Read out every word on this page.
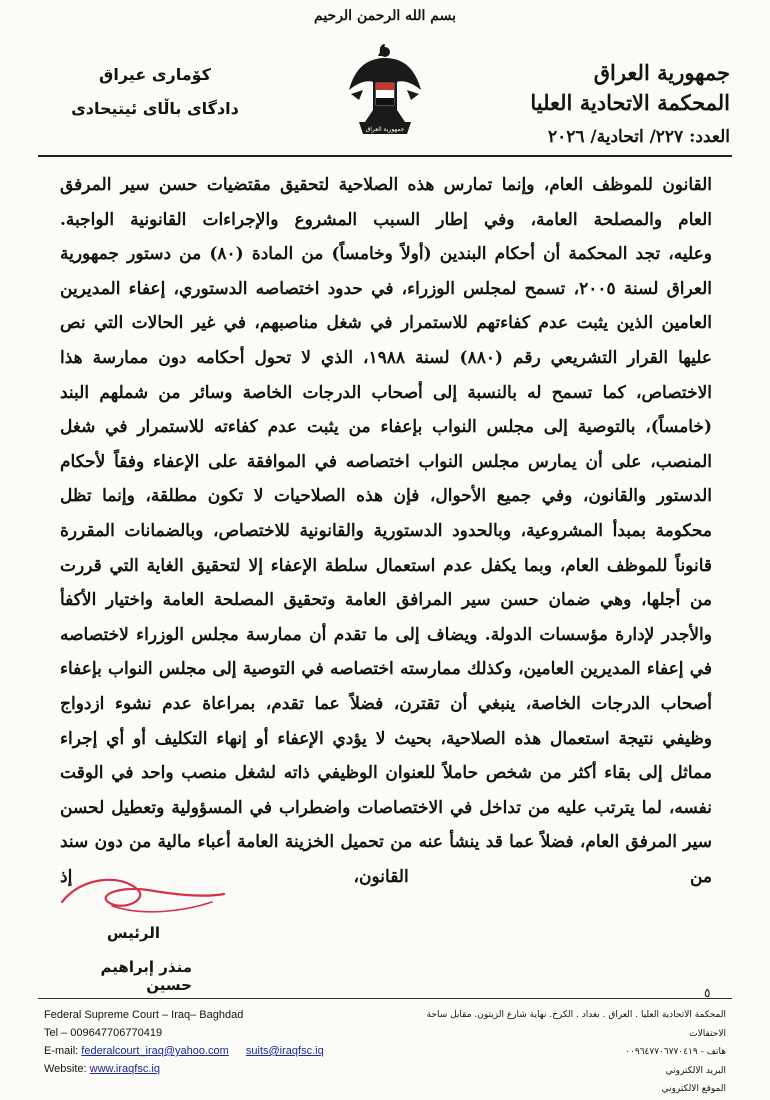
بسم الله الرحمن الرحيم
جمهورية العراق
المحكمة الاتحادية العليا
العدد: ٢٢٧/ اتحادية/ ٢٠٢٦
كۆماری عیراق
دادگای باڵای ئیتیحادی
جمهورية العراق

القانون للموظف العام، وإنما تمارس هذه الصلاحية لتحقيق مقتضيات حسن سير المرفق العام والمصلحة العامة، وفي إطار السبب المشروع والإجراءات القانونية الواجبة.

وعليه، تجد المحكمة أن أحكام البندين (أولاً وخامساً) من المادة (٨٠) من دستور جمهورية العراق لسنة ٢٠٠٥، تسمح لمجلس الوزراء، في حدود اختصاصه الدستوري، إعفاء المديرين العامين الذين يثبت عدم كفاءتهم للاستمرار في شغل مناصبهم، في غير الحالات التي نص عليها القرار التشريعي رقم (٨٨٠) لسنة ١٩٨٨، الذي لا تحول أحكامه دون ممارسة هذا الاختصاص، كما تسمح له بالنسبة إلى أصحاب الدرجات الخاصة وسائر من شملهم البند (خامساً)، بالتوصية إلى مجلس النواب بإعفاء من يثبت عدم كفاءته للاستمرار في شغل المنصب، على أن يمارس مجلس النواب اختصاصه في الموافقة على الإعفاء وفقاً لأحكام الدستور والقانون، وفي جميع الأحوال، فإن هذه الصلاحيات لا تكون مطلقة، وإنما تظل محكومة بمبدأ المشروعية، وبالحدود الدستورية والقانونية للاختصاص، وبالضمانات المقررة قانوناً للموظف العام، وبما يكفل عدم استعمال سلطة الإعفاء إلا لتحقيق الغاية التي قررت من أجلها، وهي ضمان حسن سير المرافق العامة وتحقيق المصلحة العامة واختيار الأكفأ والأجدر لإدارة مؤسسات الدولة. ويضاف إلى ما تقدم أن ممارسة مجلس الوزراء لاختصاصه في إعفاء المديرين العامين، وكذلك ممارسته اختصاصه في التوصية إلى مجلس النواب بإعفاء أصحاب الدرجات الخاصة، ينبغي أن تقترن، فضلاً عما تقدم، بمراعاة عدم نشوء ازدواج وظيفي نتيجة استعمال هذه الصلاحية، بحيث لا يؤدي الإعفاء أو إنهاء التكليف أو أي إجراء مماثل إلى بقاء أكثر من شخص حاملاً للعنوان الوظيفي ذاته لشغل منصب واحد في الوقت نفسه، لما يترتب عليه من تداخل في الاختصاصات واضطراب في المسؤولية وتعطيل لحسن سير المرفق العام، فضلاً عما قد ينشأ عنه من تحميل الخزينة العامة أعباء مالية من دون سند من القانون، إذ

الرئيس
منذر إبراهيم حسين	٥
Federal Supreme Court – Iraq– Baghdad
Tel – 009647706770419
E-mail: federalcourt_iraq@yahoo.com suits@iraqfsc.iq
Website: www.iraqfsc.iq
المحكمة الاتحادية العليا . العراق . بغداد . الكرخ. نهاية شارع الزيتون. مقابل ساحة الاحتفالات
هاتف - ٠٠٩٦٤٧٧٠٦٧٧٠٤١٩
البريد الالكتروني
الموقع الالكتروني
